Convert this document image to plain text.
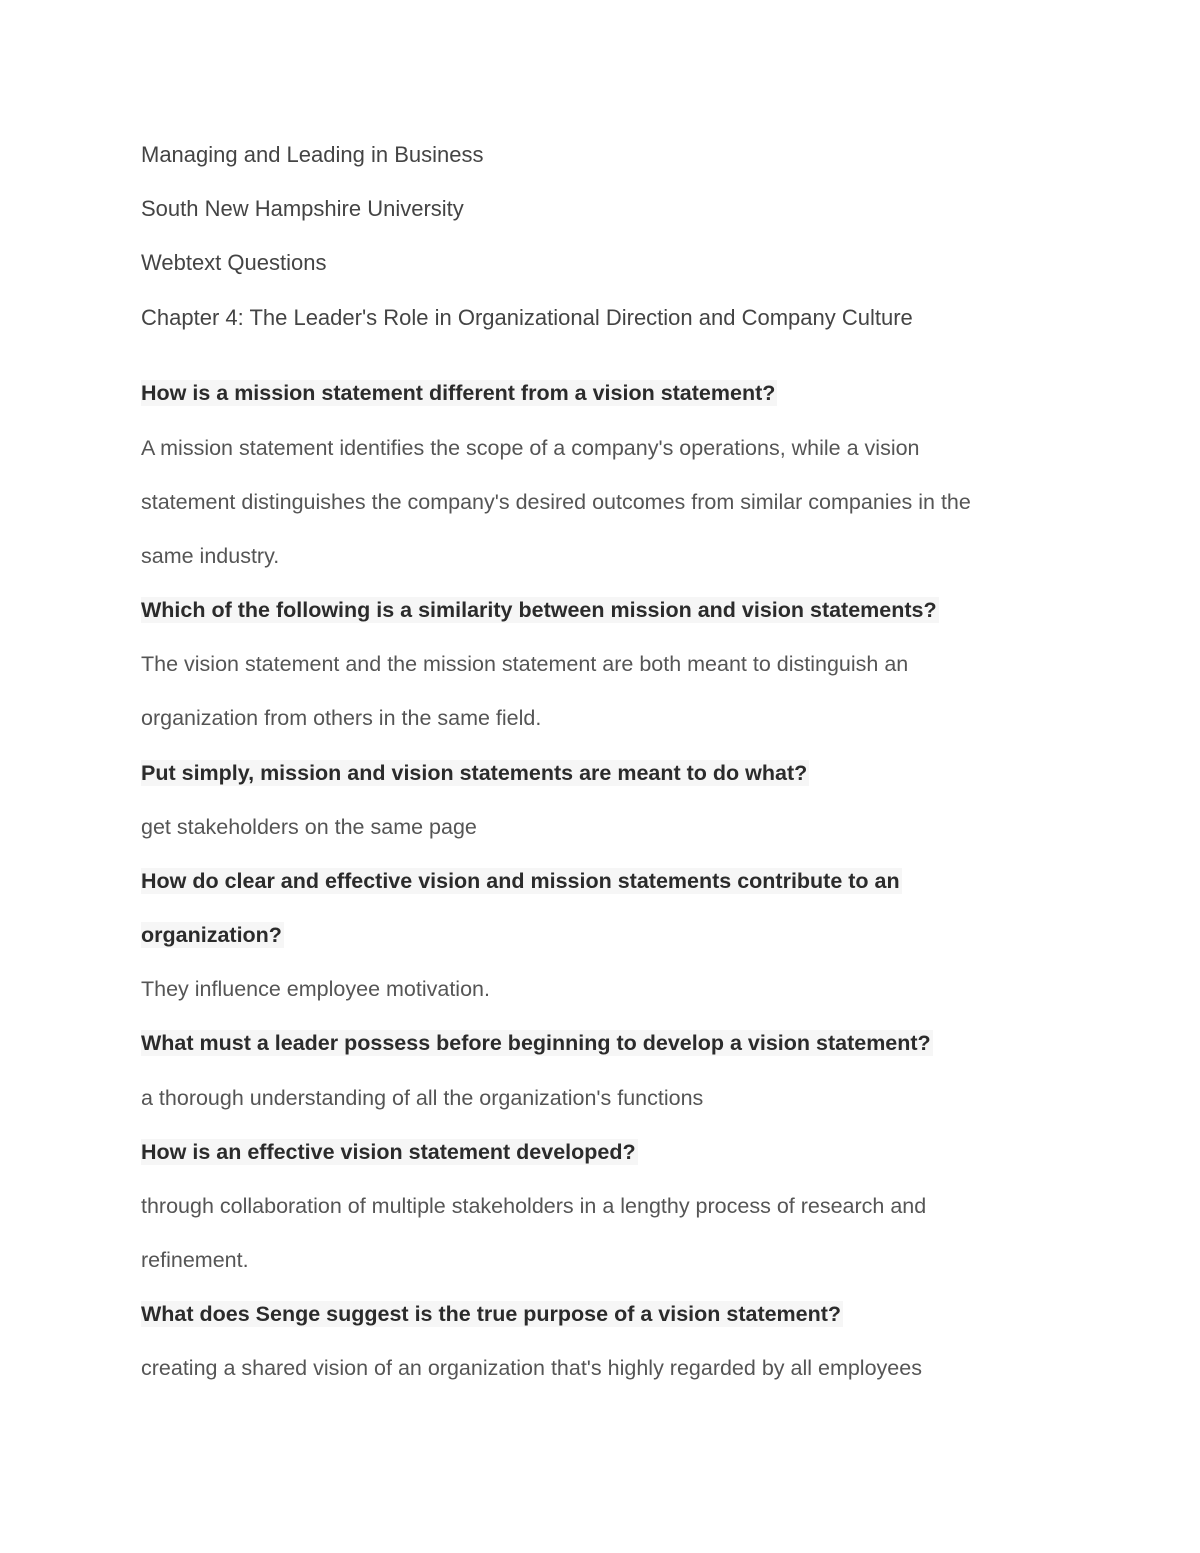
Managing and Leading in Business

South New Hampshire University

Webtext Questions

Chapter 4: The Leader's Role in Organizational Direction and Company Culture

How is a mission statement different from a vision statement?

A mission statement identifies the scope of a company's operations, while a vision

statement distinguishes the company's desired outcomes from similar companies in the

same industry.

Which of the following is a similarity between mission and vision statements?

The vision statement and the mission statement are both meant to distinguish an

organization from others in the same field.

Put simply, mission and vision statements are meant to do what?

get stakeholders on the same page

How do clear and effective vision and mission statements contribute to an

organization?

They influence employee motivation.

What must a leader possess before beginning to develop a vision statement?

a thorough understanding of all the organization's functions

How is an effective vision statement developed?

through collaboration of multiple stakeholders in a lengthy process of research and

refinement.

What does Senge suggest is the true purpose of a vision statement?

creating a shared vision of an organization that's highly regarded by all employees
